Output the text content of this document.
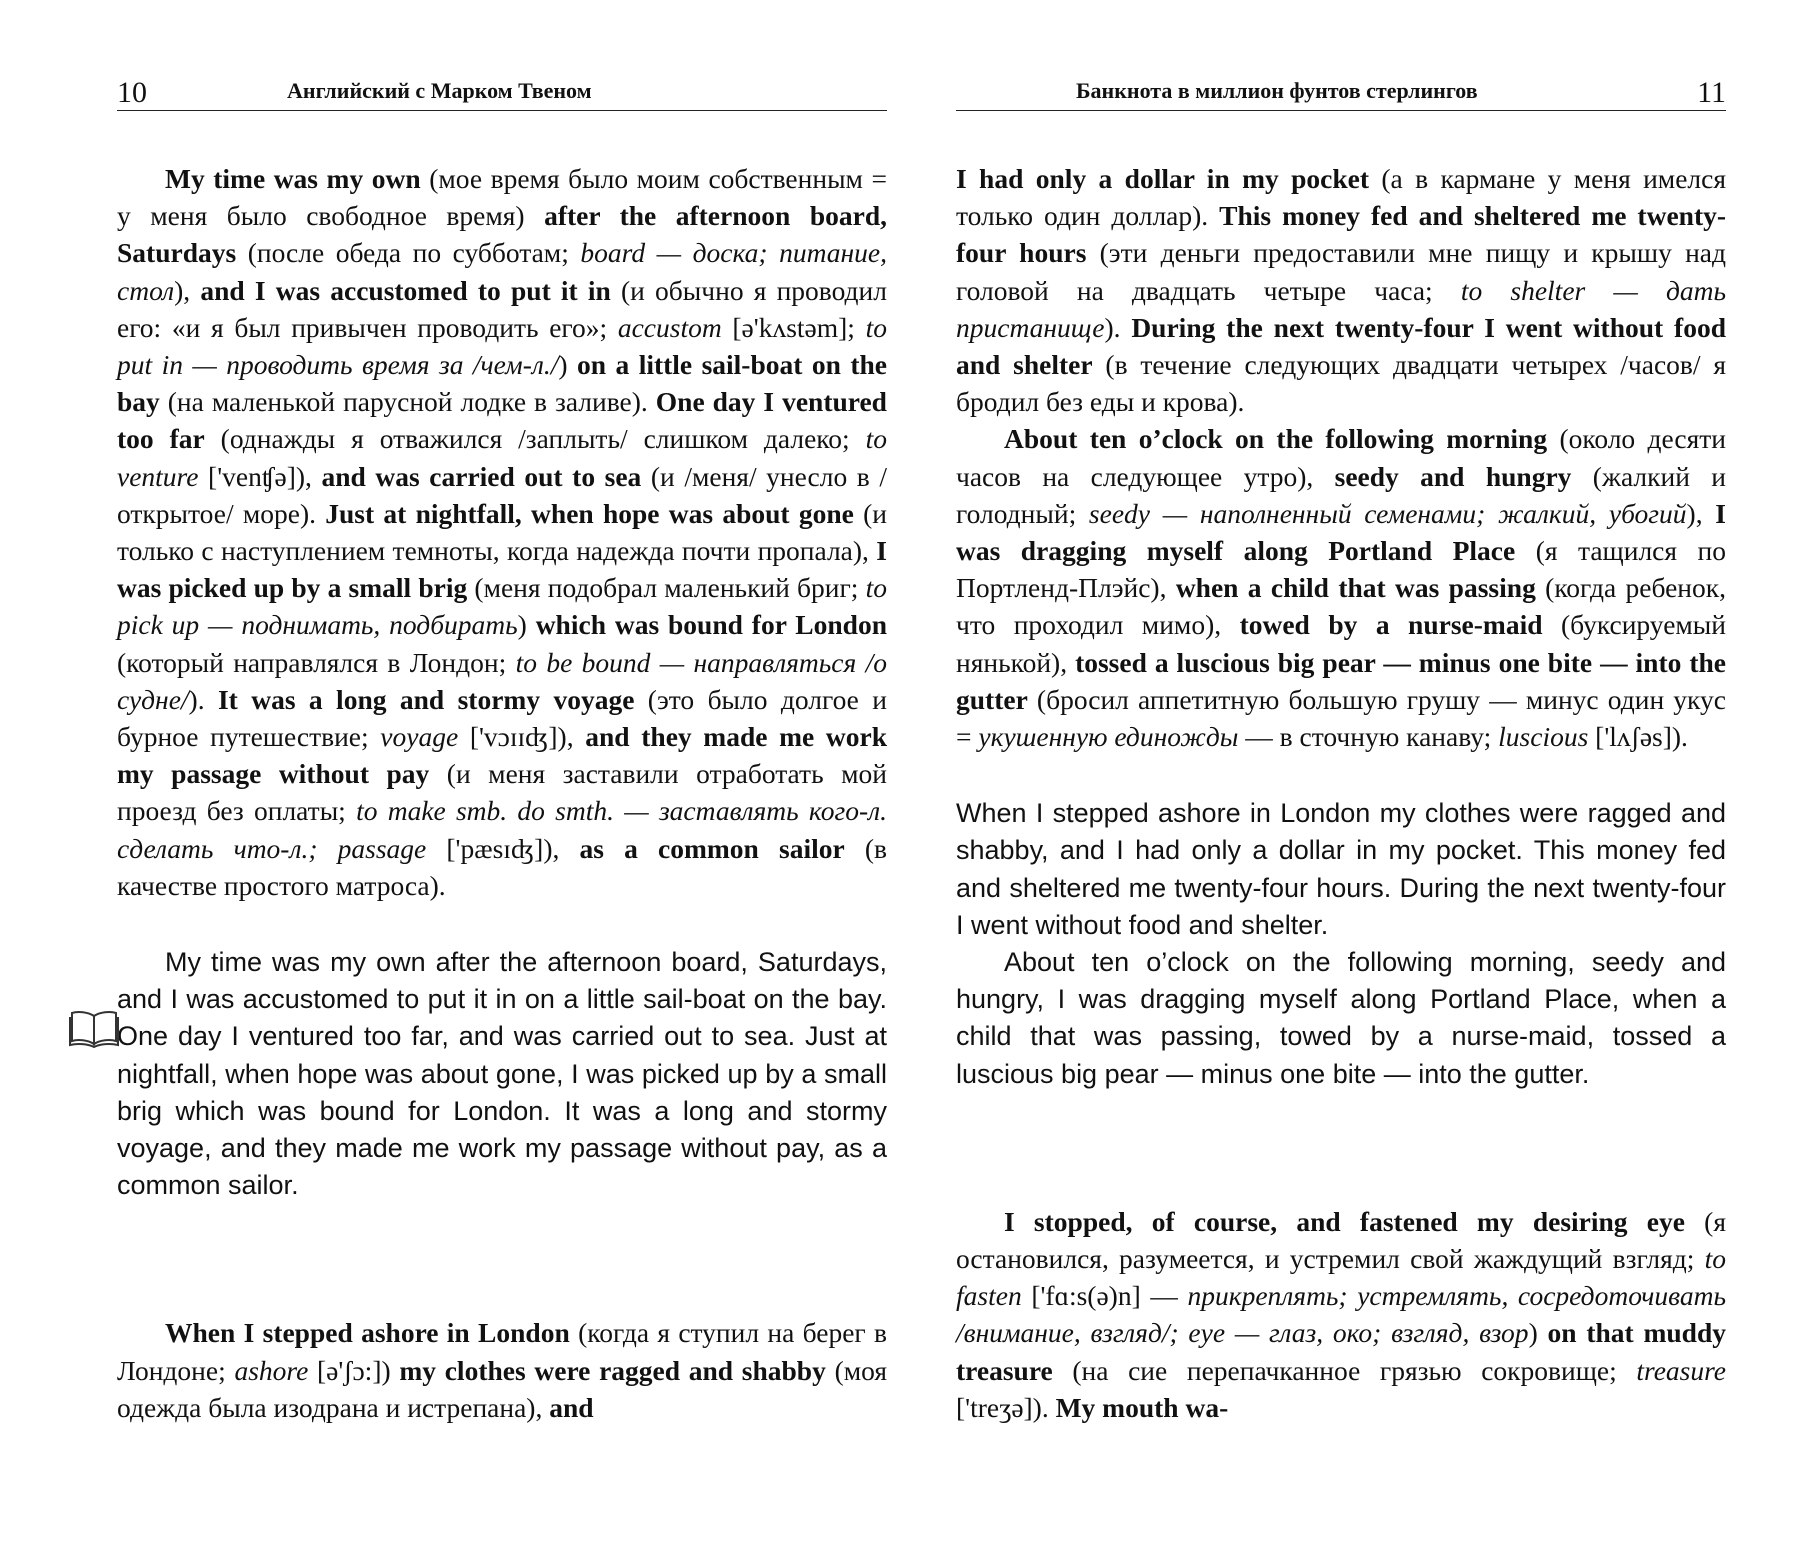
10	Английский с Марком Твеном

My time was my own (мое время было моим собственным = у меня было свободное время) after the afternoon board, Saturdays (после обеда по субботам; board — доска; питание, стол), and I was accustomed to put it in (и обычно я проводил его: «и я был привычен проводить его»; accustom [ə'kʌstəm]; to put in — проводить время за /чем-л./) on a little sail-boat on the bay (на маленькой парусной лодке в заливе). One day I ventured too far (однажды я отважился /заплыть/ слишком далеко; to venture ['venʧə]), and was carried out to sea (и /меня/ унесло в /открытое/ море). Just at nightfall, when hope was about gone (и только с наступлением темноты, когда надежда почти пропала), I was picked up by a small brig (меня подобрал маленький бриг; to pick up — поднимать, подбирать) which was bound for London (который направлялся в Лондон; to be bound — направляться /о судне/). It was a long and stormy voyage (это было долгое и бурное путешествие; voyage ['vɔɪɪʤ]), and they made me work my passage without pay (и меня заставили отработать мой проезд без оплаты; to make smb. do smth. — заставлять кого-л. сделать что-л.; passage ['pæsɪʤ]), as a common sailor (в качестве простого матроса).

My time was my own after the afternoon board, Saturdays, and I was accustomed to put it in on a little sail-boat on the bay. One day I ventured too far, and was carried out to sea. Just at nightfall, when hope was about gone, I was picked up by a small brig which was bound for London. It was a long and stormy voyage, and they made me work my passage without pay, as a common sailor.

When I stepped ashore in London (когда я ступил на берег в Лондоне; ashore [ə'ʃɔ:]) my clothes were ragged and shabby (моя одежда была изодрана и истрепана), and

Банкнота в миллион фунтов стерлингов	11

I had only a dollar in my pocket (а в кармане у меня имелся только один доллар). This money fed and sheltered me twenty-four hours (эти деньги предоставили мне пищу и крышу над головой на двадцать четыре часа; to shelter — дать пристанище). During the next twenty-four I went without food and shelter (в течение следующих двадцати четырех /часов/ я бродил без еды и крова).

About ten o’clock on the following morning (около десяти часов на следующее утро), seedy and hungry (жалкий и голодный; seedy — наполненный семенами; жалкий, убогий), I was dragging myself along Portland Place (я тащился по Портленд-Плэйс), when a child that was passing (когда ребенок, что проходил мимо), towed by a nurse-maid (буксируемый нянькой), tossed a luscious big pear — minus one bite — into the gutter (бросил аппетитную большую грушу — минус один укус = укушенную единожды — в сточную канаву; luscious ['lʌʃəs]).

When I stepped ashore in London my clothes were ragged and shabby, and I had only a dollar in my pocket. This money fed and sheltered me twenty-four hours. During the next twenty-four I went without food and shelter.

About ten o’clock on the following morning, seedy and hungry, I was dragging myself along Portland Place, when a child that was passing, towed by a nurse-maid, tossed a luscious big pear — minus one bite — into the gutter.

I stopped, of course, and fastened my desiring eye (я остановился, разумеется, и устремил свой жаждущий взгляд; to fasten ['fɑ:s(ə)n] — прикреплять; устремлять, сосредоточивать /внимание, взгляд/; eye — глаз, око; взгляд, взор) on that muddy treasure (на сие перепачканное грязью сокровище; treasure ['treʒə]). My mouth wa-
